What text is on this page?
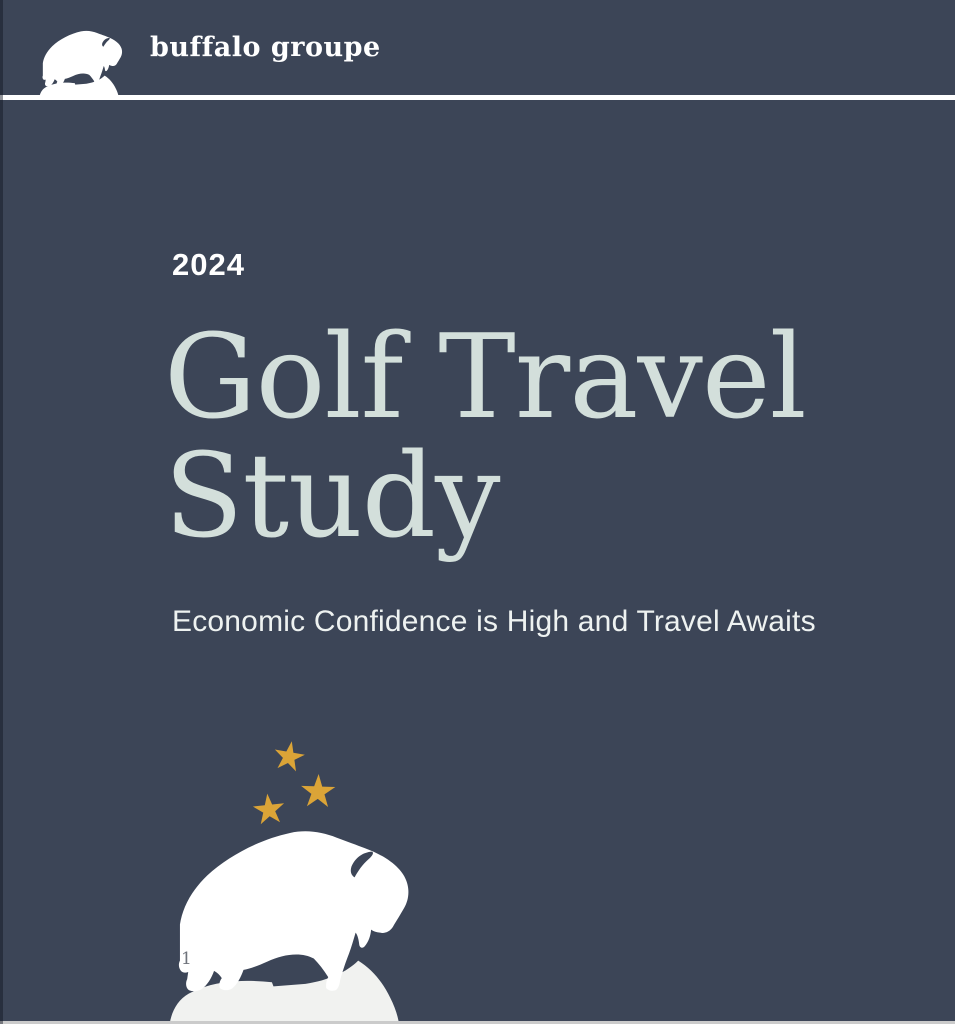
buffalo groupe
2024
Golf Travel
Study
Economic Confidence is High and Travel Awaits
1
